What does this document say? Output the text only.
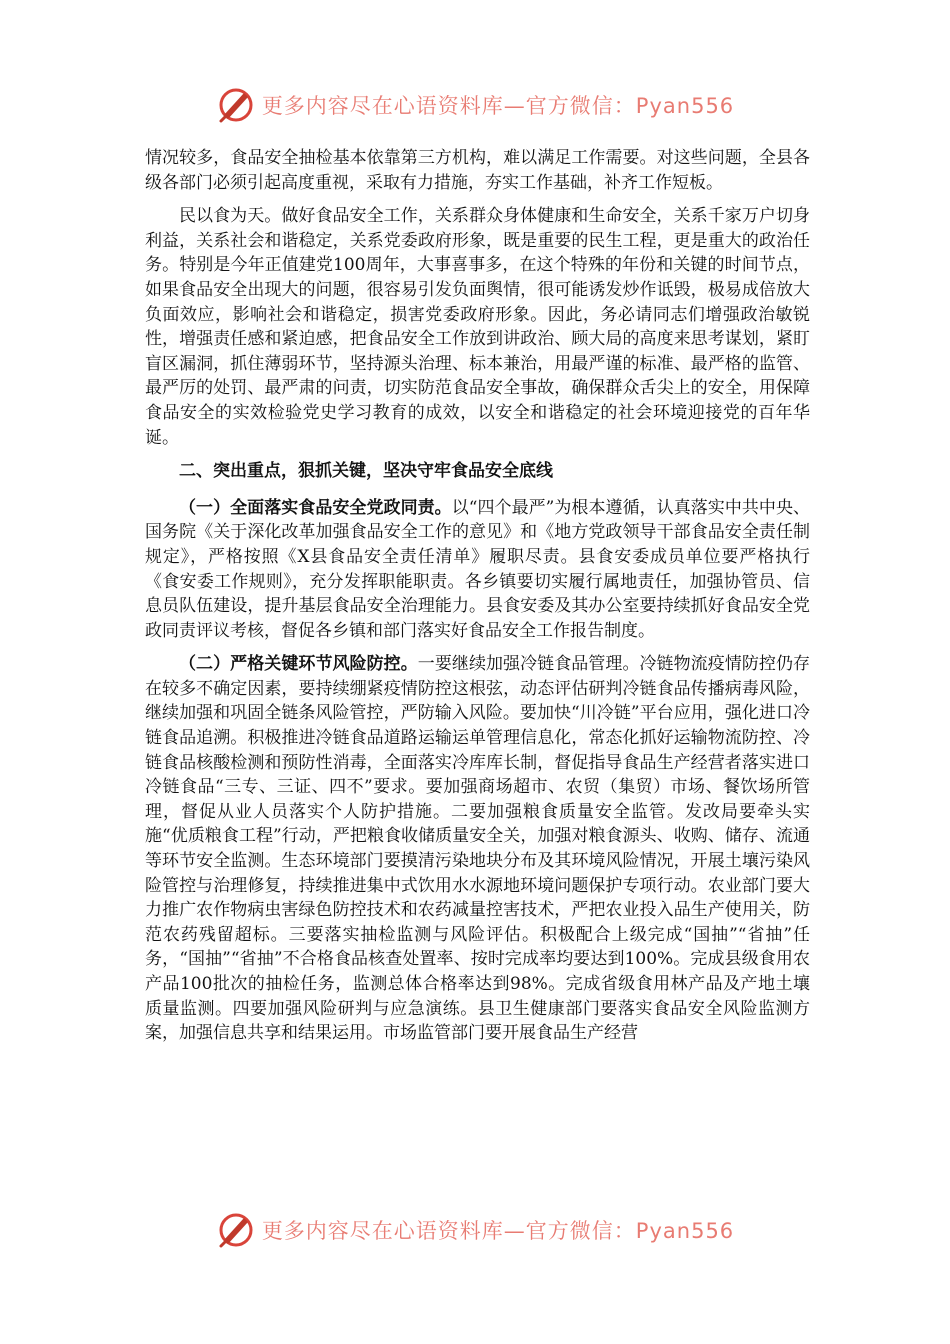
更多内容尽在心语资料库—官方微信：Pyan556

情况较多，食品安全抽检基本依靠第三方机构，难以满足工作需要。对这些问题，全县各级各部门必须引起高度重视，采取有力措施，夯实工作基础，补齐工作短板。

民以食为天。做好食品安全工作，关系群众身体健康和生命安全，关系千家万户切身利益，关系社会和谐稳定，关系党委政府形象，既是重要的民生工程，更是重大的政治任务。特别是今年正值建党100周年，大事喜事多，在这个特殊的年份和关键的时间节点，如果食品安全出现大的问题，很容易引发负面舆情，很可能诱发炒作诋毁，极易成倍放大负面效应，影响社会和谐稳定，损害党委政府形象。因此，务必请同志们增强政治敏锐性，增强责任感和紧迫感，把食品安全工作放到讲政治、顾大局的高度来思考谋划，紧盯盲区漏洞，抓住薄弱环节，坚持源头治理、标本兼治，用最严谨的标准、最严格的监管、最严厉的处罚、最严肃的问责，切实防范食品安全事故，确保群众舌尖上的安全，用保障食品安全的实效检验党史学习教育的成效，以安全和谐稳定的社会环境迎接党的百年华诞。

二、突出重点，狠抓关键，坚决守牢食品安全底线

（一）全面落实食品安全党政同责。以“四个最严”为根本遵循，认真落实中共中央、国务院《关于深化改革加强食品安全工作的意见》和《地方党政领导干部食品安全责任制规定》，严格按照《X县食品安全责任清单》履职尽责。县食安委成员单位要严格执行《食安委工作规则》，充分发挥职能职责。各乡镇要切实履行属地责任，加强协管员、信息员队伍建设，提升基层食品安全治理能力。县食安委及其办公室要持续抓好食品安全党政同责评议考核，督促各乡镇和部门落实好食品安全工作报告制度。

（二）严格关键环节风险防控。一要继续加强冷链食品管理。冷链物流疫情防控仍存在较多不确定因素，要持续绷紧疫情防控这根弦，动态评估研判冷链食品传播病毒风险，继续加强和巩固全链条风险管控，严防输入风险。要加快“川冷链”平台应用，强化进口冷链食品追溯。积极推进冷链食品道路运输运单管理信息化，常态化抓好运输物流防控、冷链食品核酸检测和预防性消毒，全面落实冷库库长制，督促指导食品生产经营者落实进口冷链食品“三专、三证、四不”要求。要加强商场超市、农贸（集贸）市场、餐饮场所管理，督促从业人员落实个人防护措施。二要加强粮食质量安全监管。发改局要牵头实施“优质粮食工程”行动，严把粮食收储质量安全关，加强对粮食源头、收购、储存、流通等环节安全监测。生态环境部门要摸清污染地块分布及其环境风险情况，开展土壤污染风险管控与治理修复，持续推进集中式饮用水水源地环境问题保护专项行动。农业部门要大力推广农作物病虫害绿色防控技术和农药减量控害技术，严把农业投入品生产使用关，防范农药残留超标。三要落实抽检监测与风险评估。积极配合上级完成“国抽”“省抽”任务，“国抽”“省抽”不合格食品核查处置率、按时完成率均要达到100%。完成县级食用农产品100批次的抽检任务，监测总体合格率达到98%。完成省级食用林产品及产地土壤质量监测。四要加强风险研判与应急演练。县卫生健康部门要落实食品安全风险监测方案，加强信息共享和结果运用。市场监管部门要开展食品生产经营

更多内容尽在心语资料库—官方微信：Pyan556
